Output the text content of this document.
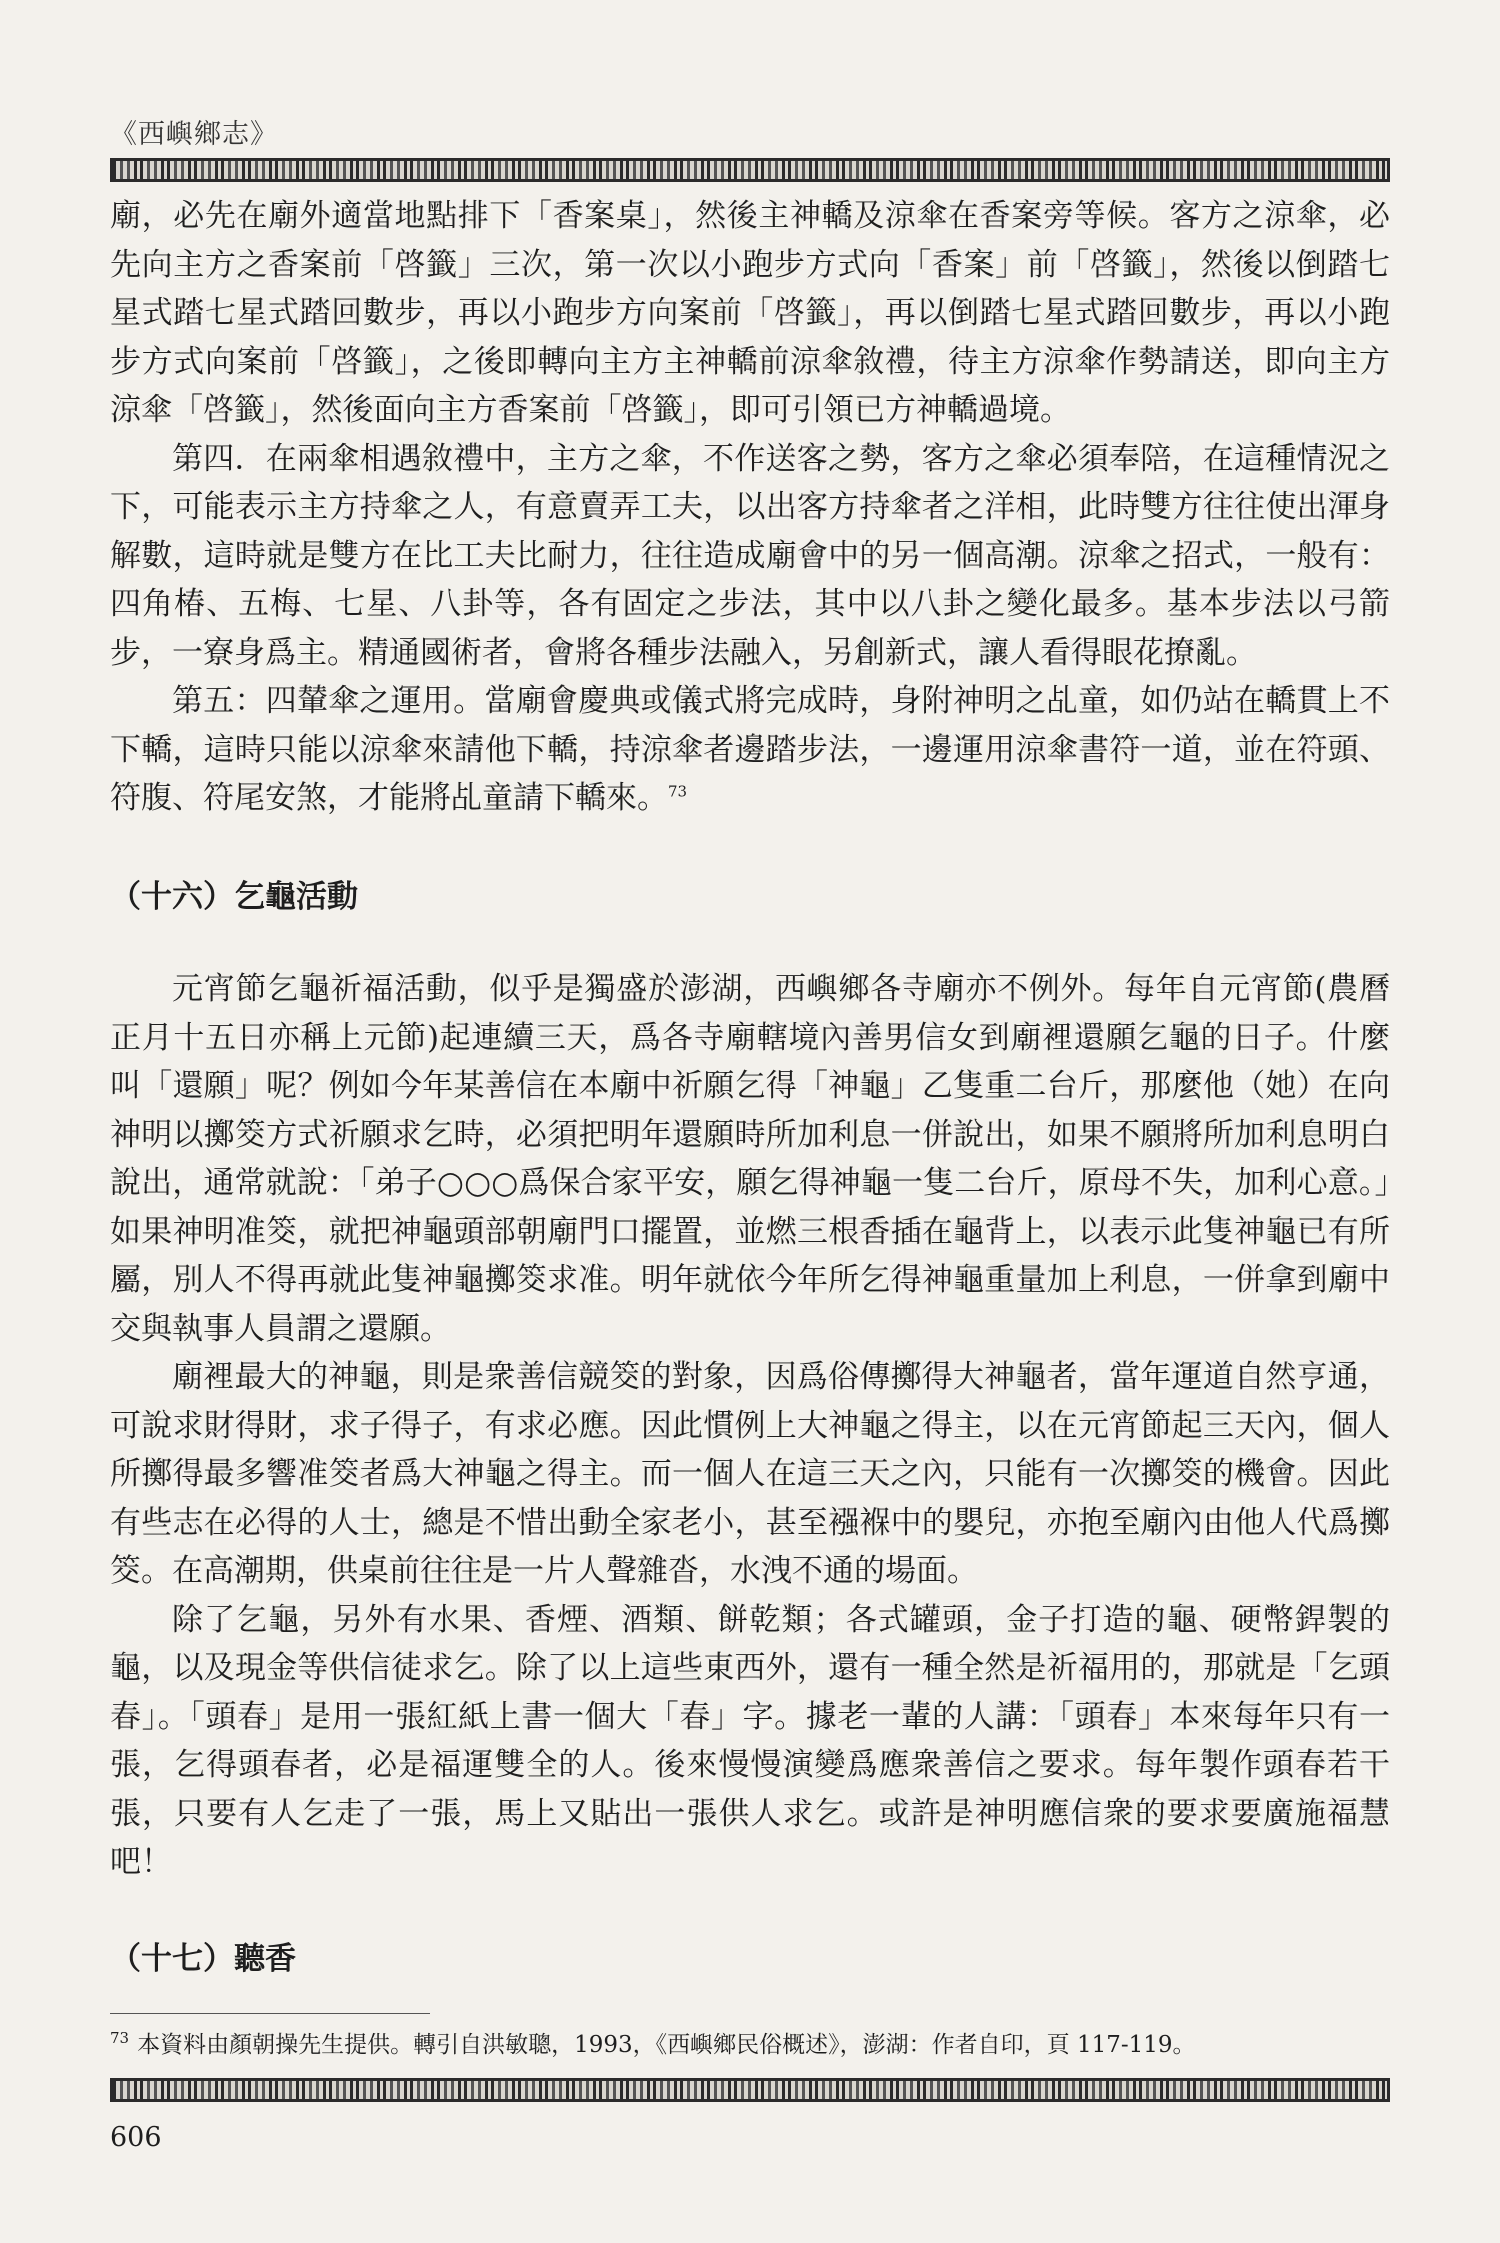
《西嶼鄉志》

廟，必先在廟外適當地點排下「香案桌」，然後主神轎及涼傘在香案旁等候。客方之涼傘，必先向主方之香案前「啓籤」三次，第一次以小跑步方式向「香案」前「啓籤」，然後以倒踏七星式踏七星式踏回數步，再以小跑步方向案前「啓籤」，再以倒踏七星式踏回數步，再以小跑步方式向案前「啓籤」，之後即轉向主方主神轎前涼傘敘禮，待主方涼傘作勢請送，即向主方涼傘「啓籤」，然後面向主方香案前「啓籤」，即可引領已方神轎過境。

第四．在兩傘相遇敘禮中，主方之傘，不作送客之勢，客方之傘必須奉陪，在這種情況之下，可能表示主方持傘之人，有意賣弄工夫，以出客方持傘者之洋相，此時雙方往往使出渾身解數，這時就是雙方在比工夫比耐力，往往造成廟會中的另一個高潮。涼傘之招式，一般有：四角椿、五梅、七星、八卦等，各有固定之步法，其中以八卦之變化最多。基本步法以弓箭步，一寮身爲主。精通國術者，會將各種步法融入，另創新式，讓人看得眼花撩亂。

第五：四輦傘之運用。當廟會慶典或儀式將完成時，身附神明之乩童，如仍站在轎貫上不下轎，這時只能以涼傘來請他下轎，持涼傘者邊踏步法，一邊運用涼傘書符一道，並在符頭、符腹、符尾安煞，才能將乩童請下轎來。$^{73}$

（十六）乞龜活動

元宵節乞龜祈福活動，似乎是獨盛於澎湖，西嶼鄉各寺廟亦不例外。每年自元宵節(農曆正月十五日亦稱上元節)起連續三天，爲各寺廟轄境內善男信女到廟裡還願乞龜的日子。什麼叫「還願」呢？例如今年某善信在本廟中祈願乞得「神龜」乙隻重二台斤，那麼他（她）在向神明以擲筊方式祈願求乞時，必須把明年還願時所加利息一併說出，如果不願將所加利息明白說出，通常就說：「弟子○○○爲保合家平安，願乞得神龜一隻二台斤，原母不失，加利心意。」如果神明准筊，就把神龜頭部朝廟門口擺置，並燃三根香插在龜背上，以表示此隻神龜已有所屬，別人不得再就此隻神龜擲筊求准。明年就依今年所乞得神龜重量加上利息，一併拿到廟中交與執事人員謂之還願。

廟裡最大的神龜，則是衆善信競筊的對象，因爲俗傳擲得大神龜者，當年運道自然亨通，可說求財得財，求子得子，有求必應。因此慣例上大神龜之得主，以在元宵節起三天內，個人所擲得最多響准筊者爲大神龜之得主。而一個人在這三天之內，只能有一次擲筊的機會。因此有些志在必得的人士，總是不惜出動全家老小，甚至襁褓中的嬰兒，亦抱至廟內由他人代爲擲筊。在高潮期，供桌前往往是一片人聲雜沓，水洩不通的場面。

除了乞龜，另外有水果、香煙、酒類、餅乾類；各式罐頭，金子打造的龜、硬幣銲製的龜，以及現金等供信徒求乞。除了以上這些東西外，還有一種全然是祈福用的，那就是「乞頭春」。「頭春」是用一張紅紙上書一個大「春」字。據老一輩的人講：「頭春」本來每年只有一張，乞得頭春者，必是福運雙全的人。後來慢慢演變爲應衆善信之要求。每年製作頭春若干張，只要有人乞走了一張，馬上又貼出一張供人求乞。或許是神明應信衆的要求要廣施福慧吧！

（十七）聽香

$^{73}$ 本資料由顏朝操先生提供。轉引自洪敏聰，1993，《西嶼鄉民俗概述》，澎湖：作者自印，頁 117-119。
606
